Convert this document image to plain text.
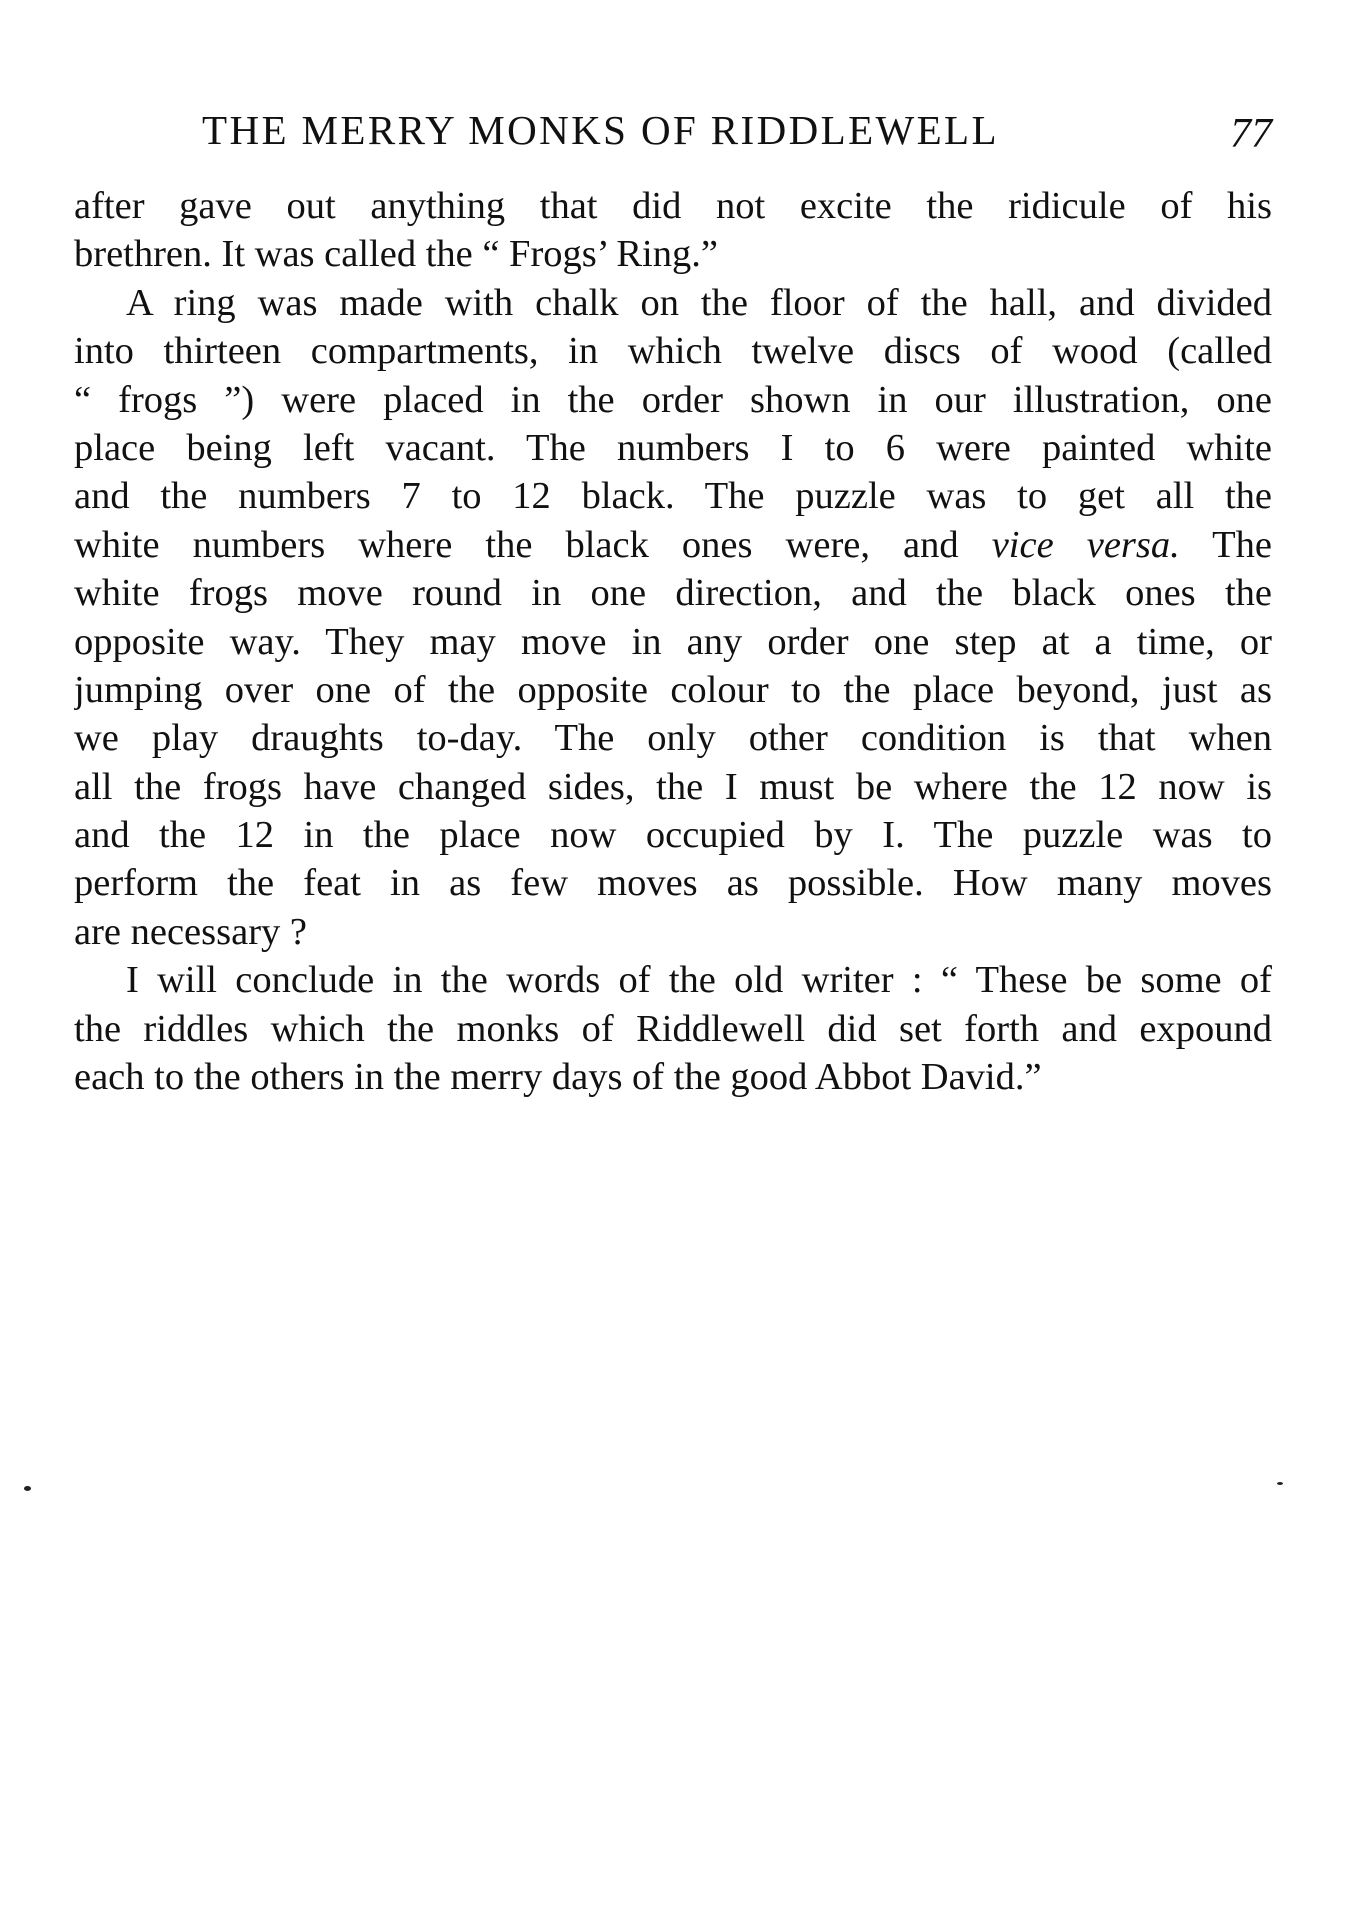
THE MERRY MONKS OF RIDDLEWELL	77
after gave out anything that did not excite the ridicule of his
brethren. It was called the “ Frogs’ Ring.”
A ring was made with chalk on the floor of the hall, and divided
into thirteen compartments, in which twelve discs of wood (called
“ frogs ”) were placed in the order shown in our illustration, one
place being left vacant. The numbers I to 6 were painted white
and the numbers 7 to 12 black. The puzzle was to get all the
white numbers where the black ones were, and vice versa. The
white frogs move round in one direction, and the black ones the
opposite way. They may move in any order one step at a time, or
jumping over one of the opposite colour to the place beyond, just as
we play draughts to-day. The only other condition is that when
all the frogs have changed sides, the I must be where the 12 now is
and the 12 in the place now occupied by I. The puzzle was to
perform the feat in as few moves as possible. How many moves
are necessary ?
I will conclude in the words of the old writer : “ These be some of
the riddles which the monks of Riddlewell did set forth and expound
each to the others in the merry days of the good Abbot David.”
